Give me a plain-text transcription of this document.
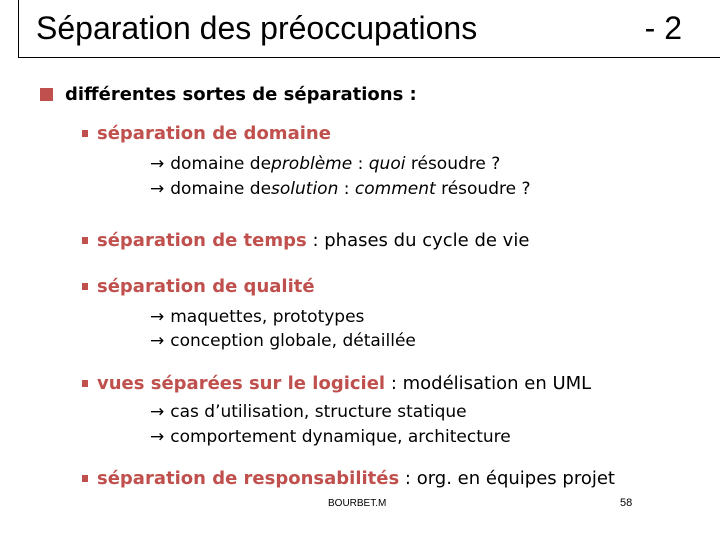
Séparation des préoccupations	- 2
différentes sortes de séparations :
séparation de domaine
→ domaine de problème : quoi résoudre ?
→ domaine de solution : comment résoudre ?
séparation de temps : phases du cycle de vie
séparation de qualité
→ maquettes, prototypes
→ conception globale, détaillée
vues séparées sur le logiciel : modélisation en UML
→ cas d’utilisation, structure statique
→ comportement dynamique, architecture
séparation de responsabilités : org. en équipes projet
BOURBET.M	58
